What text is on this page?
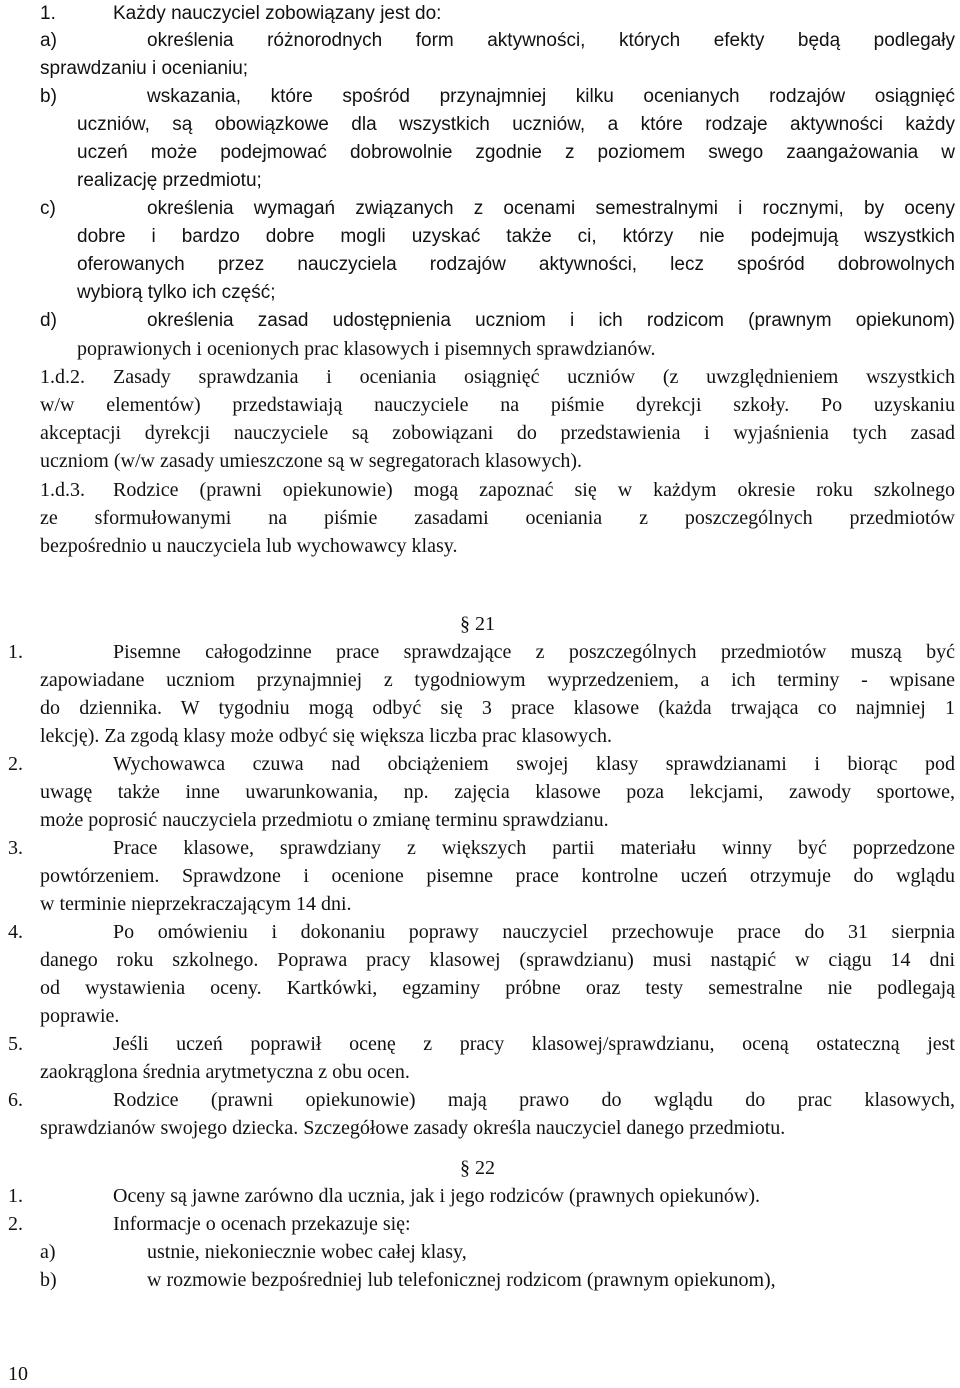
1.	Każdy nauczyciel zobowiązany jest do:
a)	określenia różnorodnych form aktywności, których efekty będą podlegały
sprawdzaniu i ocenianiu;
b)	wskazania, które spośród przynajmniej kilku ocenianych rodzajów osiągnięć
uczniów, są obowiązkowe dla wszystkich uczniów, a które rodzaje aktywności każdy
uczeń może podejmować dobrowolnie zgodnie z poziomem swego zaangażowania w
realizację przedmiotu;
c)	określenia wymagań związanych z ocenami semestralnymi i rocznymi, by oceny
dobre i bardzo dobre mogli uzyskać także ci, którzy nie podejmują wszystkich
oferowanych przez nauczyciela rodzajów aktywności, lecz spośród dobrowolnych
wybiorą tylko ich część;
d)	określenia zasad udostępnienia uczniom i ich rodzicom (prawnym opiekunom)
poprawionych i ocenionych prac klasowych i pisemnych sprawdzianów.
1.d.2. Zasady sprawdzania i oceniania osiągnięć uczniów (z uwzględnieniem wszystkich
w/w elementów) przedstawiają nauczyciele na piśmie dyrekcji szkoły. Po uzyskaniu
akceptacji dyrekcji nauczyciele są zobowiązani do przedstawienia i wyjaśnienia tych zasad
uczniom (w/w zasady umieszczone są w segregatorach klasowych).
1.d.3. Rodzice (prawni opiekunowie) mogą zapoznać się w każdym okresie roku szkolnego
ze sformułowanymi na piśmie zasadami oceniania z poszczególnych przedmiotów
bezpośrednio u nauczyciela lub wychowawcy klasy.
§ 21
1.	Pisemne całogodzinne prace sprawdzające z poszczególnych przedmiotów muszą być
zapowiadane uczniom przynajmniej z tygodniowym wyprzedzeniem, a ich terminy - wpisane
do dziennika. W tygodniu mogą odbyć się 3 prace klasowe (każda trwająca co najmniej 1
lekcję). Za zgodą klasy może odbyć się większa liczba prac klasowych.
2.	Wychowawca czuwa nad obciążeniem swojej klasy sprawdzianami i biorąc pod
uwagę także inne uwarunkowania, np. zajęcia klasowe poza lekcjami, zawody sportowe,
może poprosić nauczyciela przedmiotu o zmianę terminu sprawdzianu.
3.	Prace klasowe, sprawdziany z większych partii materiału winny być poprzedzone
powtórzeniem. Sprawdzone i ocenione pisemne prace kontrolne uczeń otrzymuje do wglądu
w terminie nieprzekraczającym 14 dni.
4.	Po omówieniu i dokonaniu poprawy nauczyciel przechowuje prace do 31 sierpnia
danego roku szkolnego. Poprawa pracy klasowej (sprawdzianu) musi nastąpić w ciągu 14 dni
od wystawienia oceny. Kartkówki, egzaminy próbne oraz testy semestralne nie podlegają
poprawie.
5.	Jeśli uczeń poprawił ocenę z pracy klasowej/sprawdzianu, oceną ostateczną jest
zaokrąglona średnia arytmetyczna z obu ocen.
6.	Rodzice (prawni opiekunowie) mają prawo do wglądu do prac klasowych,
sprawdzianów swojego dziecka. Szczegółowe zasady określa nauczyciel danego przedmiotu.
§ 22
1.	Oceny są jawne zarówno dla ucznia, jak i jego rodziców (prawnych opiekunów).
2.	Informacje o ocenach przekazuje się:
a)	ustnie, niekoniecznie wobec całej klasy,
b)	w rozmowie bezpośredniej lub telefonicznej rodzicom (prawnym opiekunom),
10
